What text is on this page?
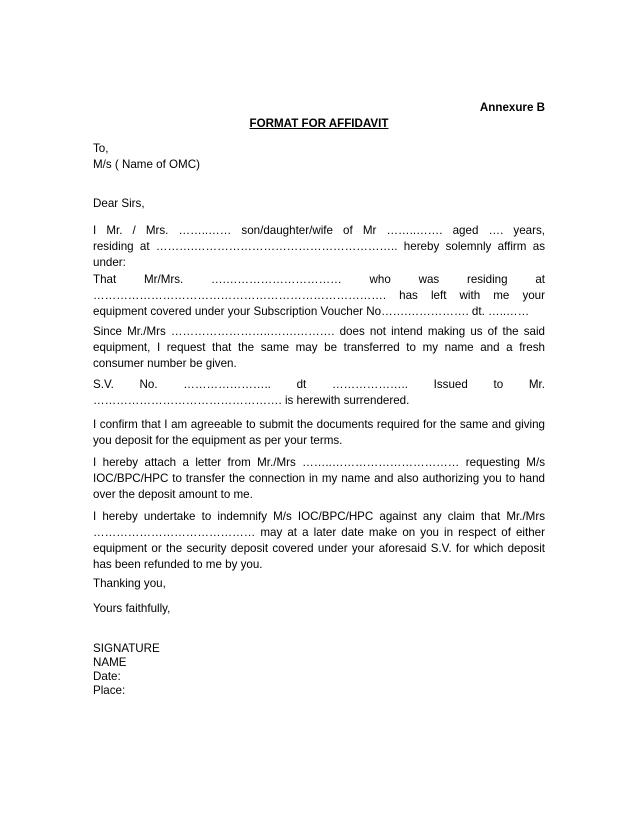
Annexure B
FORMAT FOR AFFIDAVIT

To,

M/s ( Name of OMC)

Dear Sirs,

I Mr. / Mrs. ……..…… son/daughter/wife of Mr ……..……. aged …. years,
residing at ……….…………………………………………….. hereby solemnly affirm as
under:
That Mr/Mrs. ….………………………… who was residing at
…………………………………………………………………. has left with me your
equipment covered under your Subscription Voucher No…….……………. dt. …..……

Since Mr./Mrs ……………………..…….………. does not intend making us of the said equipment, I request that the same may be transferred to my name and a fresh consumer number be given.

S.V. No. ………………….. dt ……………….. Issued to Mr.
…………………………………………. is herewith surrendered.

I confirm that I am agreeable to submit the documents required for the same and giving you deposit for the equipment as per your terms.

I hereby attach a letter from Mr./Mrs ……..…………………………… requesting M/s IOC/BPC/HPC to transfer the connection in my name and also authorizing you to hand over the deposit amount to me.

I hereby undertake to indemnify M/s IOC/BPC/HPC against any claim that Mr./Mrs …………………………………… may at a later date make on you in respect of either equipment or the security deposit covered under your aforesaid S.V. for which deposit has been refunded to me by you.

Thanking you,

Yours faithfully,

SIGNATURE

NAME

Date:

Place:
